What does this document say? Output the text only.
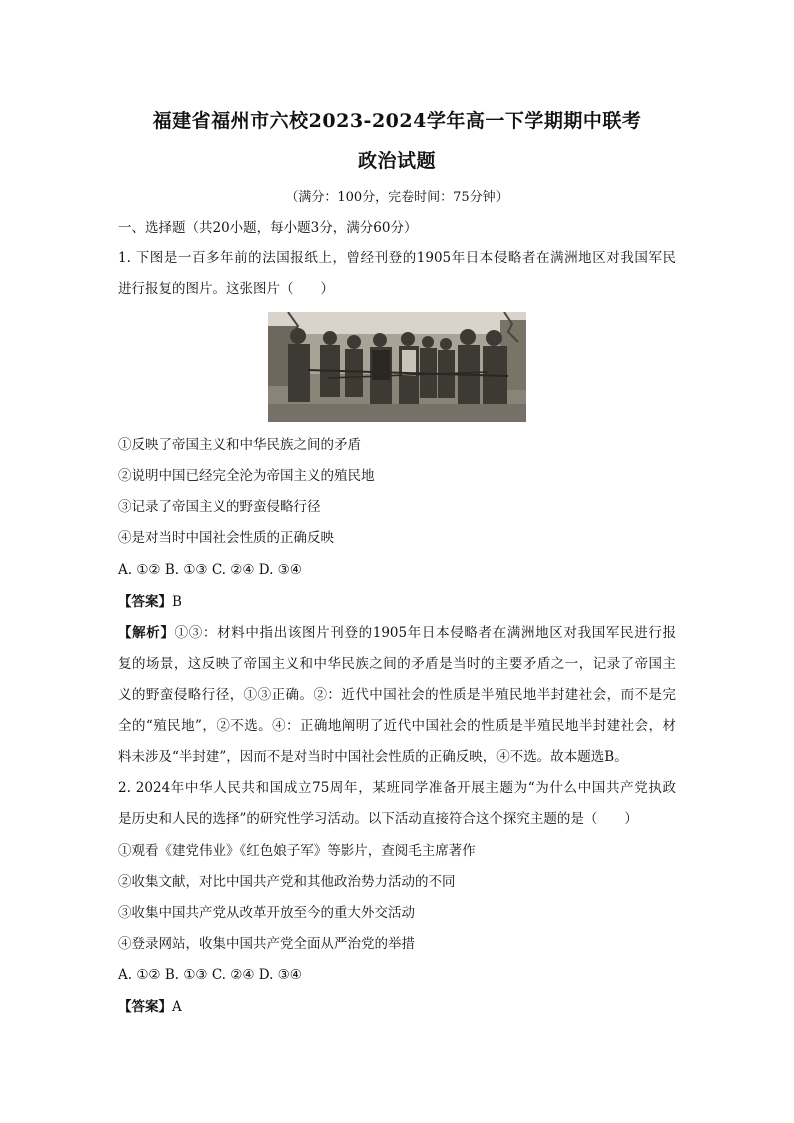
福建省福州市六校2023-2024学年高一下学期期中联考
政治试题
（满分：100分，完卷时间：75分钟）
一、选择题（共20小题，每小题3分，满分60分）
1. 下图是一百多年前的法国报纸上，曾经刊登的1905年日本侵略者在满洲地区对我国军民
进行报复的图片。这张图片（　　）
①反映了帝国主义和中华民族之间的矛盾
②说明中国已经完全沦为帝国主义的殖民地
③记录了帝国主义的野蛮侵略行径
④是对当时中国社会性质的正确反映
A. ①② B. ①③ C. ②④ D. ③④
【答案】B
【解析】①③：材料中指出该图片刊登的1905年日本侵略者在满洲地区对我国军民进行报
复的场景，这反映了帝国主义和中华民族之间的矛盾是当时的主要矛盾之一，记录了帝国主
义的野蛮侵略行径，①③正确。②：近代中国社会的性质是半殖民地半封建社会，而不是完
全的“殖民地”，②不选。④：正确地阐明了近代中国社会的性质是半殖民地半封建社会，材
料未涉及“半封建”，因而不是对当时中国社会性质的正确反映，④不选。故本题选B。
2. 2024年中华人民共和国成立75周年，某班同学准备开展主题为“为什么中国共产党执政
是历史和人民的选择”的研究性学习活动。以下活动直接符合这个探究主题的是（　　）
①观看《建党伟业》《红色娘子军》等影片，查阅毛主席著作
②收集文献，对比中国共产党和其他政治势力活动的不同
③收集中国共产党从改革开放至今的重大外交活动
④登录网站，收集中国共产党全面从严治党的举措
A. ①② B. ①③ C. ②④ D. ③④
【答案】A
